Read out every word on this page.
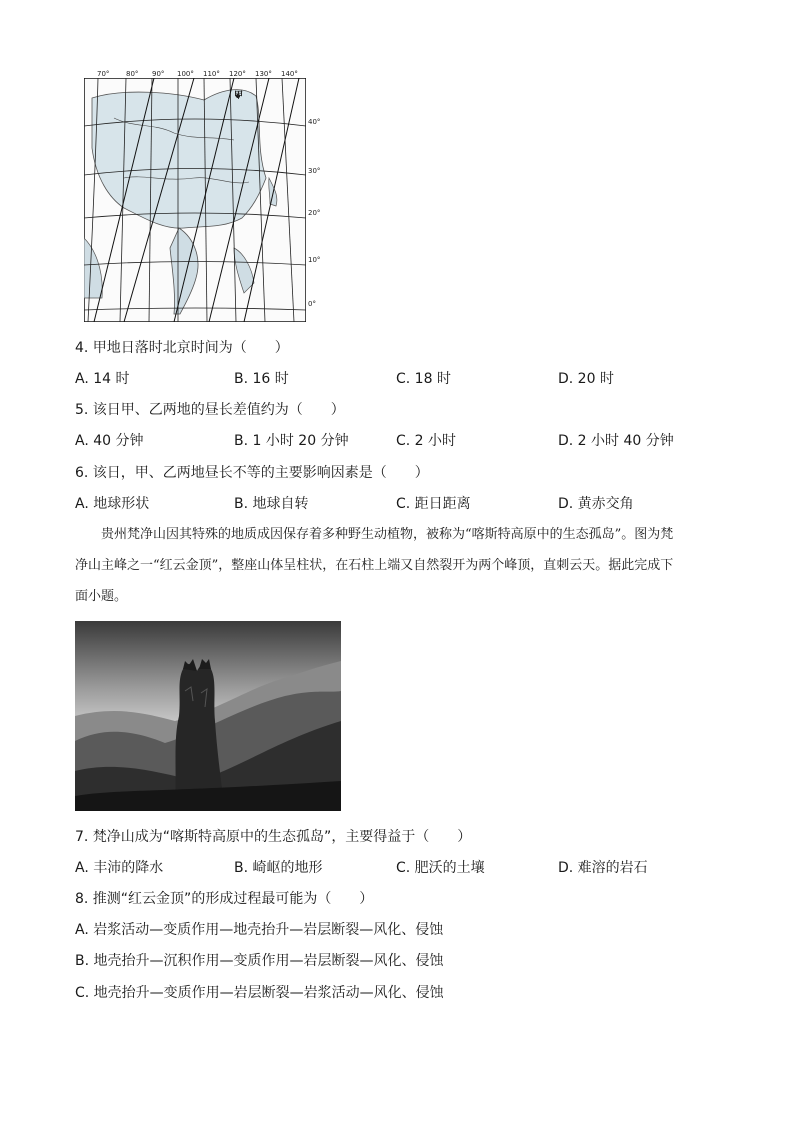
70° 80° 90° 100° 110° 120° 130° 140°
40°
30°
20°
10°
0°
甲
4. 甲地日落时北京时间为（　　）
A. 14 时	B. 16 时	C. 18 时	D. 20 时
5. 该日甲、乙两地的昼长差值约为（　　）
A. 40 分钟	B. 1 小时 20 分钟	C. 2 小时	D. 2 小时 40 分钟
6. 该日，甲、乙两地昼长不等的主要影响因素是（　　）
A. 地球形状	B. 地球自转	C. 距日距离	D. 黄赤交角
贵州梵净山因其特殊的地质成因保存着多种野生动植物，被称为“喀斯特高原中的生态孤岛”。图为梵
净山主峰之一“红云金顶”，整座山体呈柱状，在石柱上端又自然裂开为两个峰顶，直刺云天。据此完成下
面小题。
7. 梵净山成为“喀斯特高原中的生态孤岛”，主要得益于（　　）
A. 丰沛的降水	B. 崎岖的地形	C. 肥沃的土壤	D. 难溶的岩石
8. 推测“红云金顶”的形成过程最可能为（　　）
A. 岩浆活动—变质作用—地壳抬升—岩层断裂—风化、侵蚀
B. 地壳抬升—沉积作用—变质作用—岩层断裂—风化、侵蚀
C. 地壳抬升—变质作用—岩层断裂—岩浆活动—风化、侵蚀
